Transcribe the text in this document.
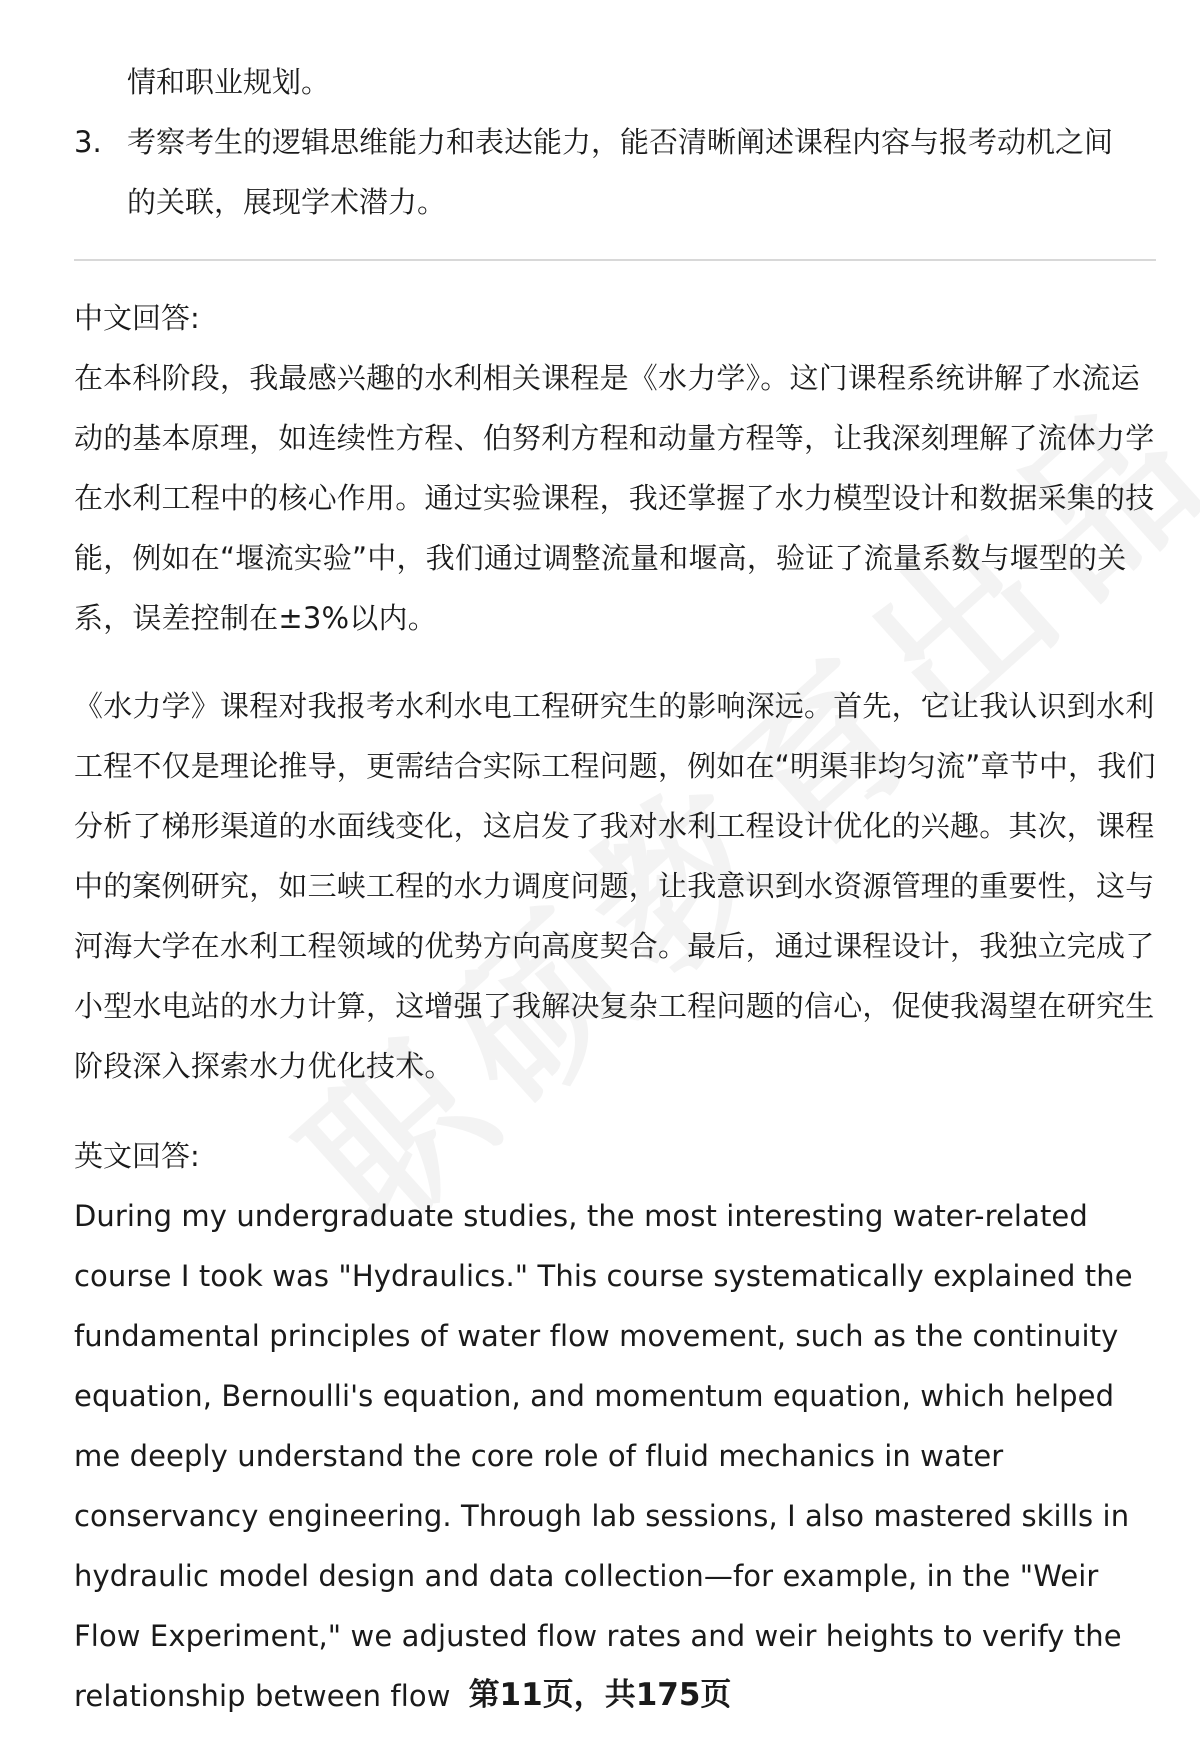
情和职业规划。
3. 考察考生的逻辑思维能力和表达能力，能否清晰阐述课程内容与报考动机之间
的关联，展现学术潜力。

中文回答:

在本科阶段，我最感兴趣的水利相关课程是《水力学》。这门课程系统讲解了水流运动的基本原理，如连续性方程、伯努利方程和动量方程等，让我深刻理解了流体力学在水利工程中的核心作用。通过实验课程，我还掌握了水力模型设计和数据采集的技能，例如在“堰流实验”中，我们通过调整流量和堰高，验证了流量系数与堰型的关系，误差控制在±3%以内。

《水力学》课程对我报考水利水电工程研究生的影响深远。首先，它让我认识到水利工程不仅是理论推导，更需结合实际工程问题，例如在“明渠非均匀流”章节中，我们分析了梯形渠道的水面线变化，这启发了我对水利工程设计优化的兴趣。其次，课程中的案例研究，如三峡工程的水力调度问题，让我意识到水资源管理的重要性，这与河海大学在水利工程领域的优势方向高度契合。最后，通过课程设计，我独立完成了小型水电站的水力计算，这增强了我解决复杂工程问题的信心，促使我渴望在研究生阶段深入探索水力优化技术。

英文回答:

During my undergraduate studies, the most interesting water-related course I took was "Hydraulics." This course systematically explained the fundamental principles of water flow movement, such as the continuity equation, Bernoulli's equation, and momentum equation, which helped me deeply understand the core role of fluid mechanics in water conservancy engineering. Through lab sessions, I also mastered skills in hydraulic model design and data collection—for example, in the "Weir Flow Experiment," we adjusted flow rates and weir heights to verify the relationship between flow 第11页，共175页
